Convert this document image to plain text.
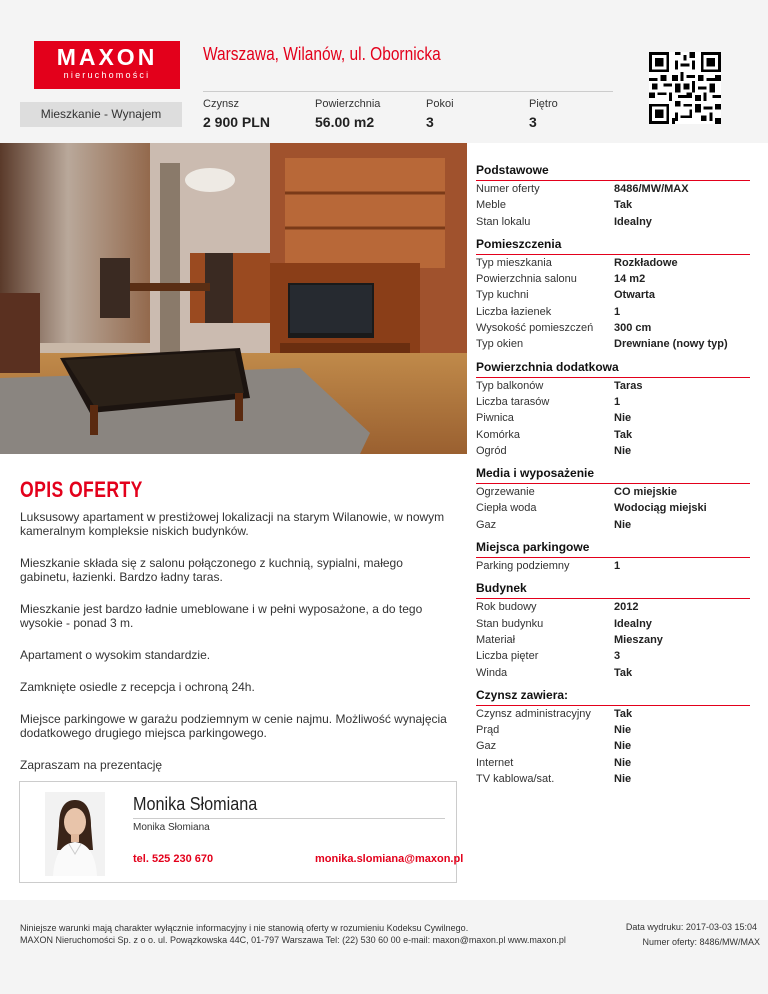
MAXON
nieruchomości
Warszawa, Wilanów, ul. Obornicka
Mieszkanie - Wynajem
Czynsz
2 900 PLN
Powierzchnia
56.00 m2
Pokoi
3
Piętro
3
OPIS OFERTY

Luksusowy apartament w prestiżowej lokalizacji na starym Wilanowie, w nowym kameralnym kompleksie niskich budynków.

Mieszkanie składa się z salonu połączonego z kuchnią, sypialni, małego gabinetu, łazienki. Bardzo ładny taras.

Mieszkanie jest bardzo ładnie umeblowane i w pełni wyposażone, a do tego wysokie - ponad 3 m.

Apartament o wysokim standardzie.

Zamknięte osiedle z recepcja i ochroną 24h.

Miejsce parkingowe w garażu podziemnym w cenie najmu. Możliwość wynajęcia dodatkowego drugiego miejsca parkingowego.

Zapraszam na prezentację

Monika Słomiana
Monika Słomiana
tel. 525 230 670	monika.slomiana@maxon.pl
Podstawowe
Numer oferty	8486/MW/MAX
Meble	Tak
Stan lokalu	Idealny
Pomieszczenia
Typ mieszkania	Rozkładowe
Powierzchnia salonu	14 m2
Typ kuchni	Otwarta
Liczba łazienek	1
Wysokość pomieszczeń	300 cm
Typ okien	Drewniane (nowy typ)
Powierzchnia dodatkowa
Typ balkonów	Taras
Liczba tarasów	1
Piwnica	Nie
Komórka	Tak
Ogród	Nie
Media i wyposażenie
Ogrzewanie	CO miejskie
Ciepła woda	Wodociąg miejski
Gaz	Nie
Miejsca parkingowe
Parking podziemny	1
Budynek
Rok budowy	2012
Stan budynku	Idealny
Materiał	Mieszany
Liczba pięter	3
Winda	Tak
Czynsz zawiera:
Czynsz administracyjny	Tak
Prąd	Nie
Gaz	Nie
Internet	Nie
TV kablowa/sat.	Nie
Niniejsze warunki mają charakter wyłącznie informacyjny i nie stanowią oferty w rozumieniu Kodeksu Cywilnego.
MAXON Nieruchomości Sp. z o o. ul. Powązkowska 44C, 01-797 Warszawa Tel: (22) 530 60 00 e-mail: maxon@maxon.pl www.maxon.pl
Data wydruku: 2017-03-03 15:04
Numer oferty: 8486/MW/MAX
